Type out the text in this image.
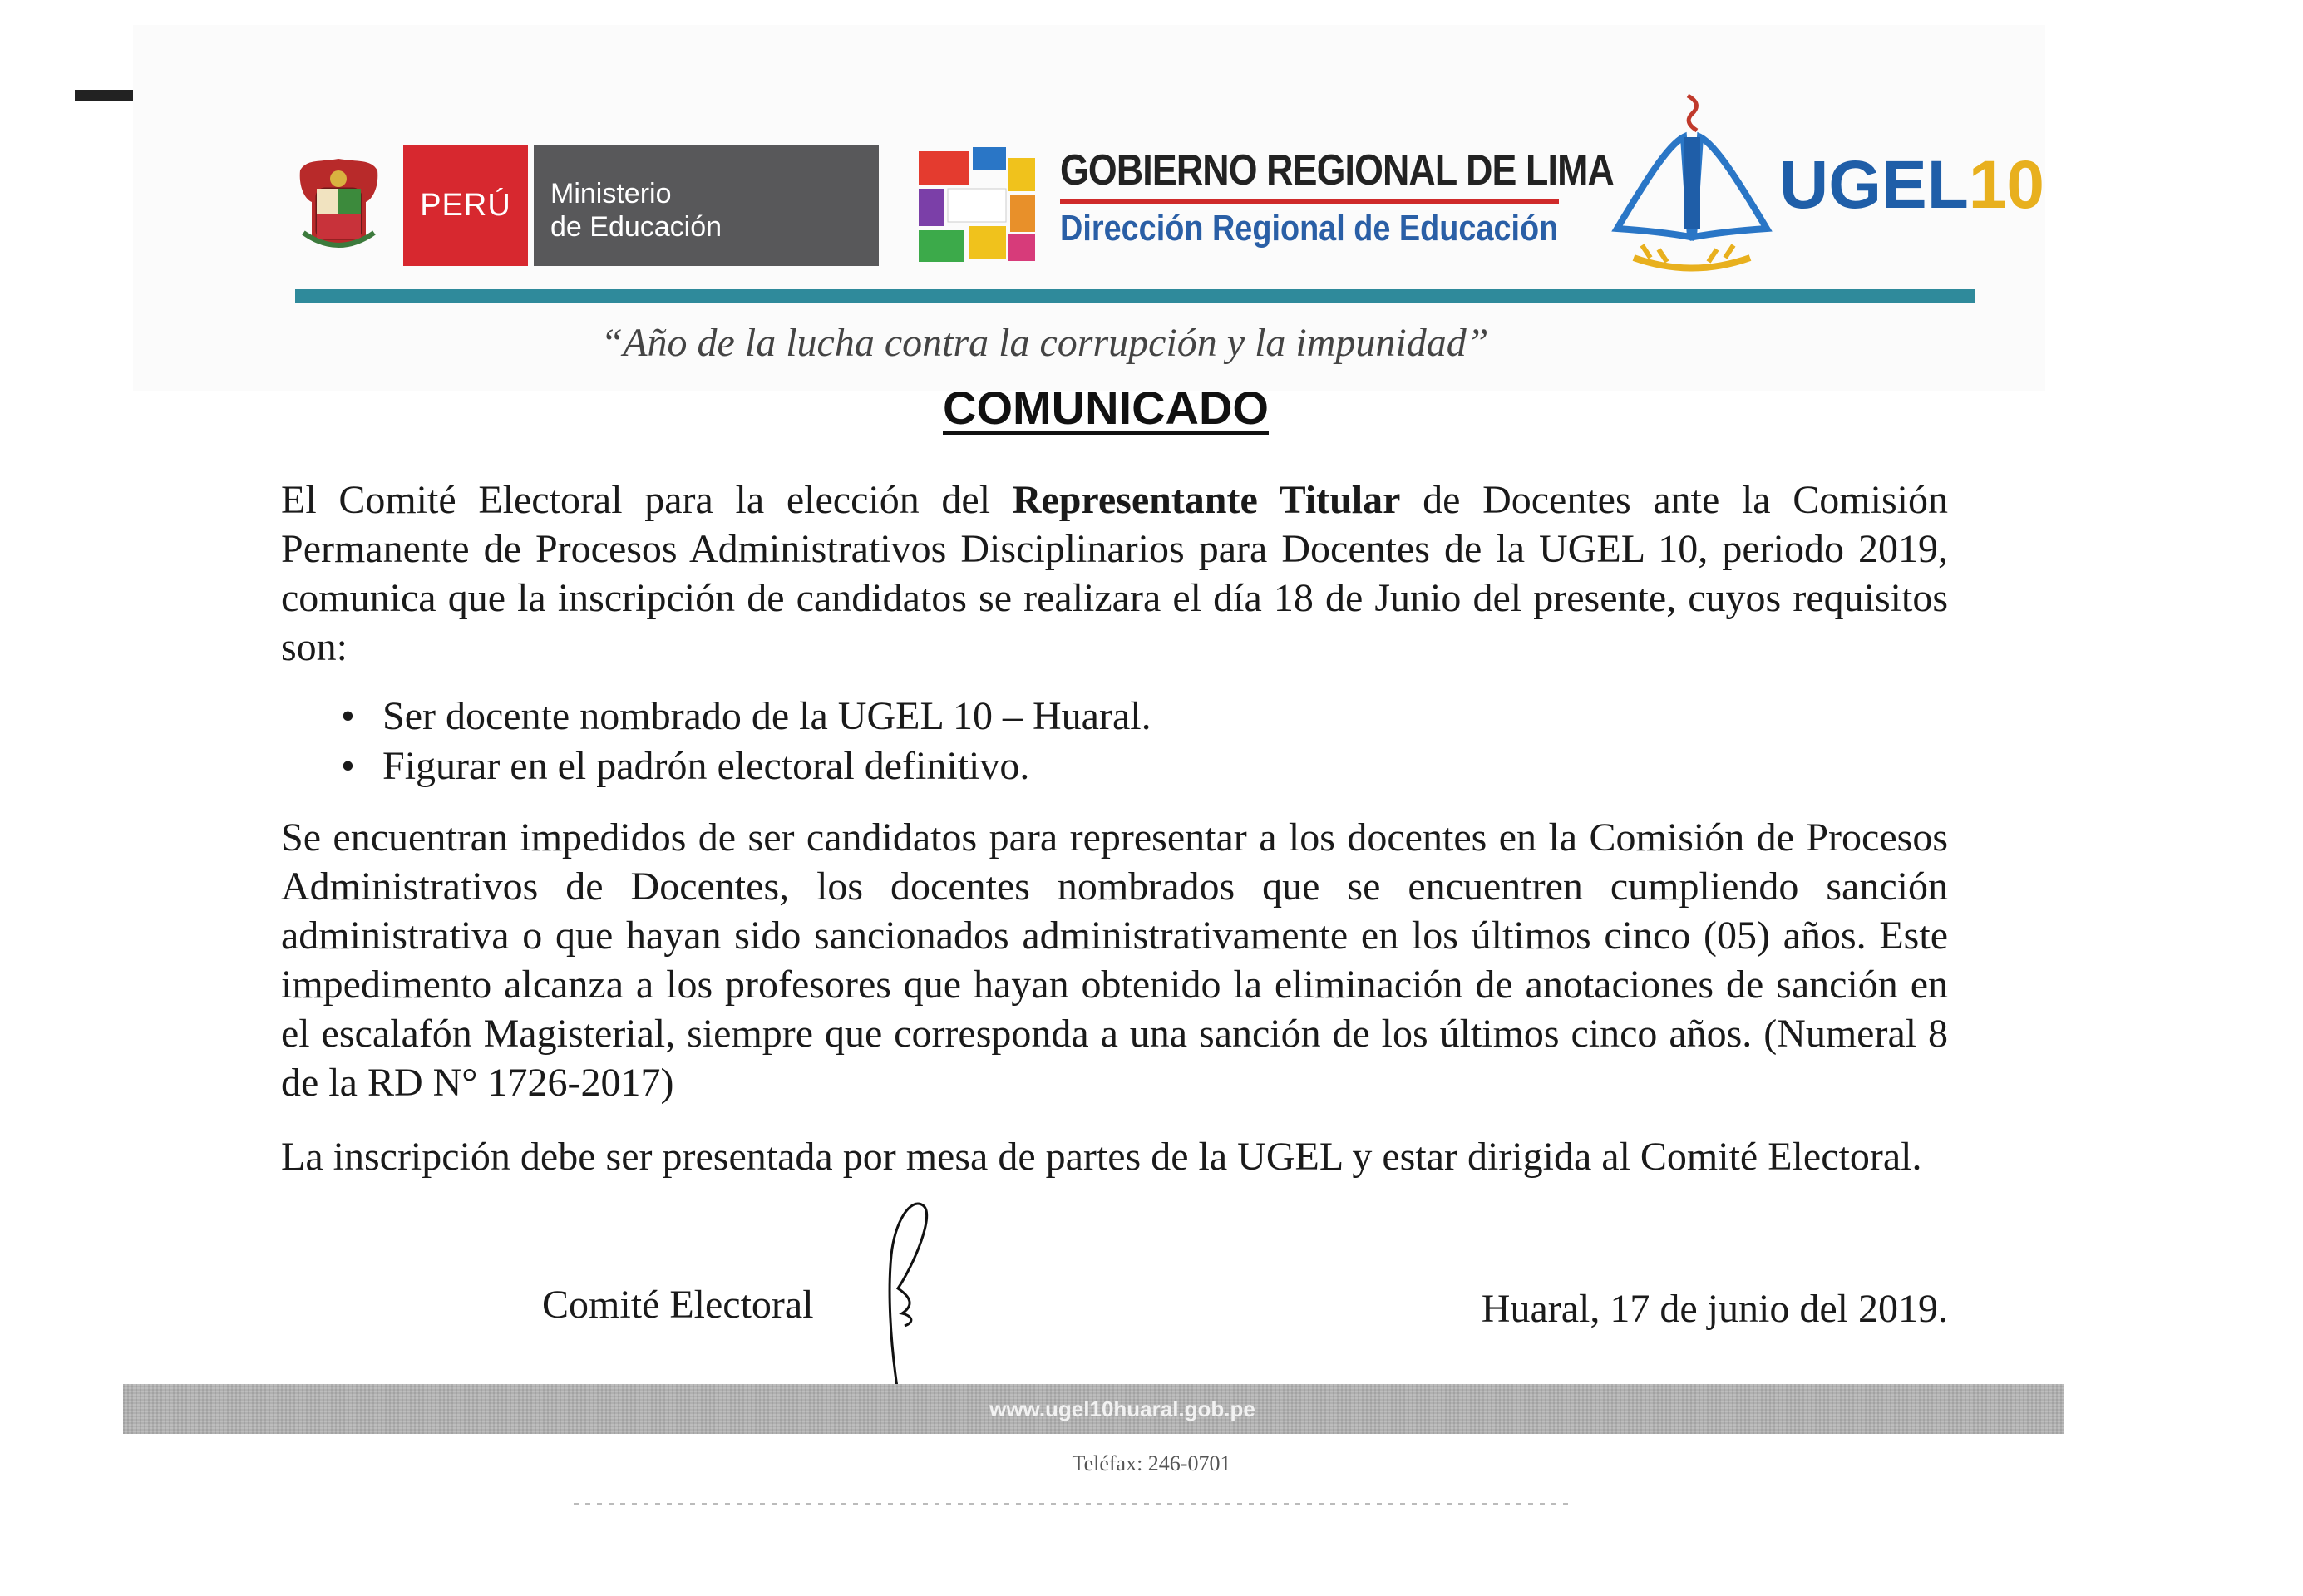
PERÚ Ministerio
de Educación
GOBIERNO REGIONAL DE LIMA
Dirección Regional de Educación
UGEL10
“Año de la lucha contra la corrupción y la impunidad”
COMUNICADO

El Comité Electoral para la elección del Representante Titular de Docentes ante la Comisión Permanente de Procesos Administrativos Disciplinarios para Docentes de la UGEL 10, periodo 2019, comunica que la inscripción de candidatos se realizara el día 18 de Junio del presente, cuyos requisitos son:

• Ser docente nombrado de la UGEL 10 – Huaral.
• Figurar en el padrón electoral definitivo.

Se encuentran impedidos de ser candidatos para representar a los docentes en la Comisión de Procesos Administrativos de Docentes, los docentes nombrados que se encuentren cumpliendo sanción administrativa o que hayan sido sancionados administrativamente en los últimos cinco (05) años. Este impedimento alcanza a los profesores que hayan obtenido la eliminación de anotaciones de sanción en el escalafón Magisterial, siempre que corresponda a una sanción de los últimos cinco años. (Numeral 8 de la RD N° 1726-2017)

La inscripción debe ser presentada por mesa de partes de la UGEL y estar dirigida al Comité Electoral.

Comité Electoral	Huaral, 17 de junio del 2019.
www.ugel10huaral.gob.pe
Teléfax: 246-0701
